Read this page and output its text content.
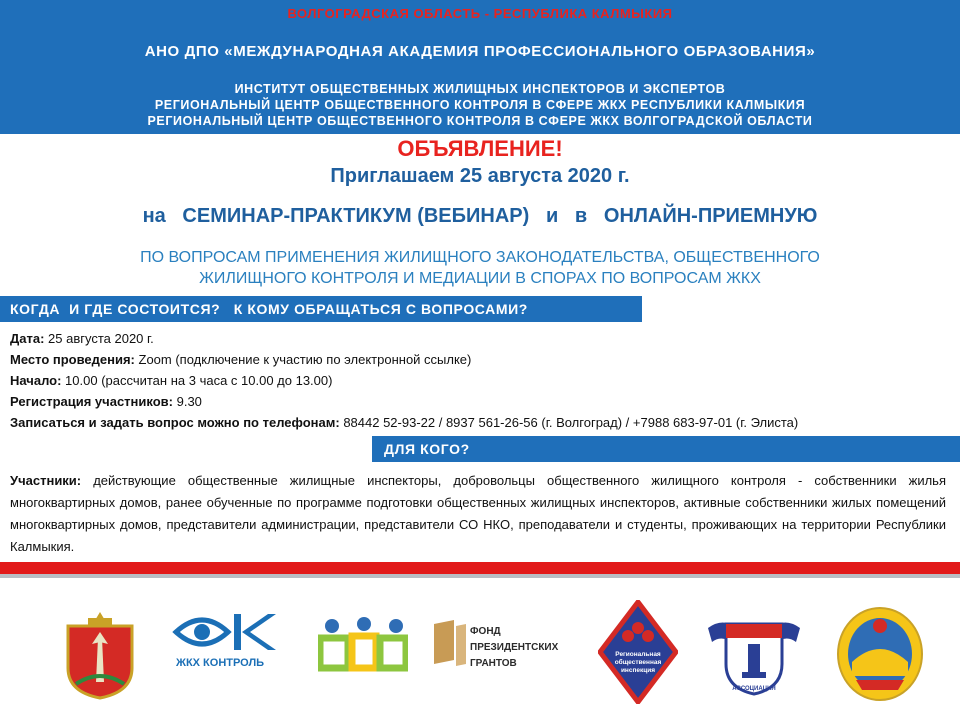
ВОЛГОГРАДСКАЯ ОБЛАСТЬ - РЕСПУБЛИКА КАЛМЫКИЯ
АНО ДПО «МЕЖДУНАРОДНАЯ АКАДЕМИЯ ПРОФЕССИОНАЛЬНОГО ОБРАЗОВАНИЯ»
ИНСТИТУТ ОБЩЕСТВЕННЫХ ЖИЛИЩНЫХ ИНСПЕКТОРОВ И ЭКСПЕРТОВ
РЕГИОНАЛЬНЫЙ ЦЕНТР ОБЩЕСТВЕННОГО КОНТРОЛЯ В СФЕРЕ ЖКХ РЕСПУБЛИКИ КАЛМЫКИЯ
РЕГИОНАЛЬНЫЙ ЦЕНТР ОБЩЕСТВЕННОГО КОНТРОЛЯ В СФЕРЕ ЖКХ ВОЛГОГРАДСКОЙ ОБЛАСТИ
ОБЪЯВЛЕНИЕ!
Приглашаем 25 августа 2020 г.
на   СЕМИНАР-ПРАКТИКУМ (ВЕБИНАР)   и   в   ОНЛАЙН-ПРИЕМНУЮ
ПО ВОПРОСАМ ПРИМЕНЕНИЯ ЖИЛИЩНОГО ЗАКОНОДАТЕЛЬСТВА, ОБЩЕСТВЕННОГО
ЖИЛИЩНОГО КОНТРОЛЯ И МЕДИАЦИИ В СПОРАХ ПО ВОПРОСАМ ЖКХ
КОГДА  И ГДЕ СОСТОИТСЯ?   К КОМУ ОБРАЩАТЬСЯ С ВОПРОСАМИ?
Дата: 25 августа 2020 г.
Место проведения: Zoom (подключение к участию по электронной ссылке)
Начало: 10.00 (рассчитан на 3 часа с 10.00 до 13.00)
Регистрация участников: 9.30
Записаться и задать вопрос можно по телефонам: 88442 52-93-22 / 8937 561-26-56 (г. Волгоград) / +7988 683-97-01 (г. Элиста)
ДЛЯ КОГО?
Участники: действующие общественные жилищные инспекторы, добровольцы общественного жилищного контроля - собственники жилья многоквартирных домов, ранее обученные по программе подготовки общественных жилищных инспекторов, активные собственники жилых помещений многоквартирных домов, представители администрации, представители СО НКО, преподаватели и студенты, проживающих на территории Республики Калмыкия.
ЖКХ КОНТРОЛЬ
ФОНД
ПРЕЗИДЕНТСКИХ
ГРАНТОВ
Региональная
общественная
инспекция
АССОЦИАЦИЯ
